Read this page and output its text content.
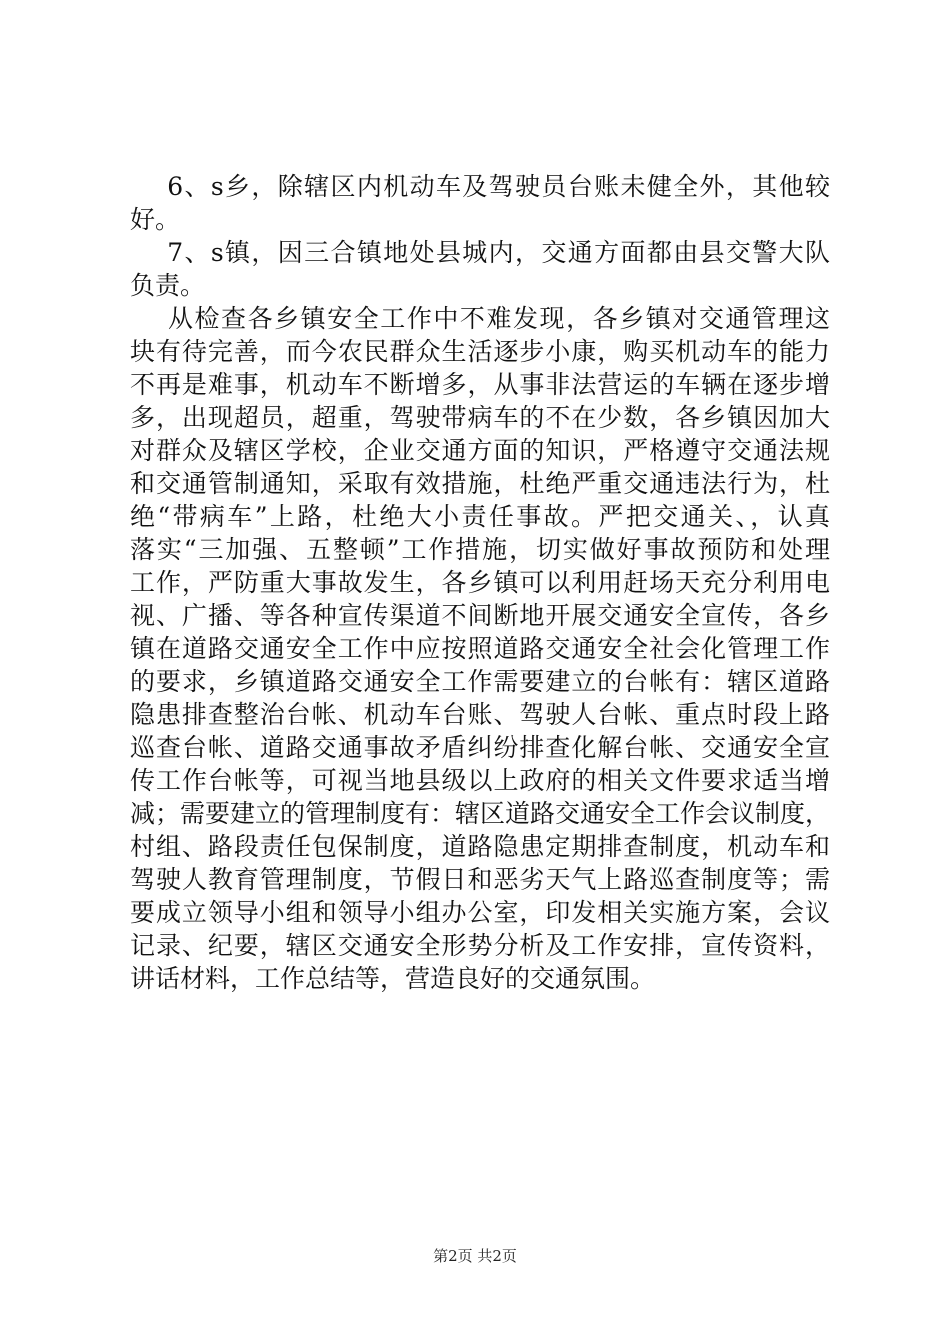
6、s乡，除辖区内机动车及驾驶员台账未健全外，其他较
好。
7、s镇，因三合镇地处县城内，交通方面都由县交警大队
负责。
从检查各乡镇安全工作中不难发现，各乡镇对交通管理这
块有待完善，而今农民群众生活逐步小康，购买机动车的能力
不再是难事，机动车不断增多，从事非法营运的车辆在逐步增
多，出现超员，超重，驾驶带病车的不在少数，各乡镇因加大
对群众及辖区学校，企业交通方面的知识，严格遵守交通法规
和交通管制通知，采取有效措施，杜绝严重交通违法行为，杜
绝“带病车”上路，杜绝大小责任事故。严把交通关、，认真
落实“三加强、五整顿”工作措施，切实做好事故预防和处理
工作，严防重大事故发生，各乡镇可以利用赶场天充分利用电
视、广播、等各种宣传渠道不间断地开展交通安全宣传，各乡
镇在道路交通安全工作中应按照道路交通安全社会化管理工作
的要求，乡镇道路交通安全工作需要建立的台帐有：辖区道路
隐患排查整治台帐、机动车台账、驾驶人台帐、重点时段上路
巡查台帐、道路交通事故矛盾纠纷排查化解台帐、交通安全宣
传工作台帐等，可视当地县级以上政府的相关文件要求适当增
减；需要建立的管理制度有：辖区道路交通安全工作会议制度，
村组、路段责任包保制度，道路隐患定期排查制度，机动车和
驾驶人教育管理制度，节假日和恶劣天气上路巡查制度等；需
要成立领导小组和领导小组办公室，印发相关实施方案，会议
记录、纪要，辖区交通安全形势分析及工作安排，宣传资料，
讲话材料，工作总结等，营造良好的交通氛围。
第2页 共2页
